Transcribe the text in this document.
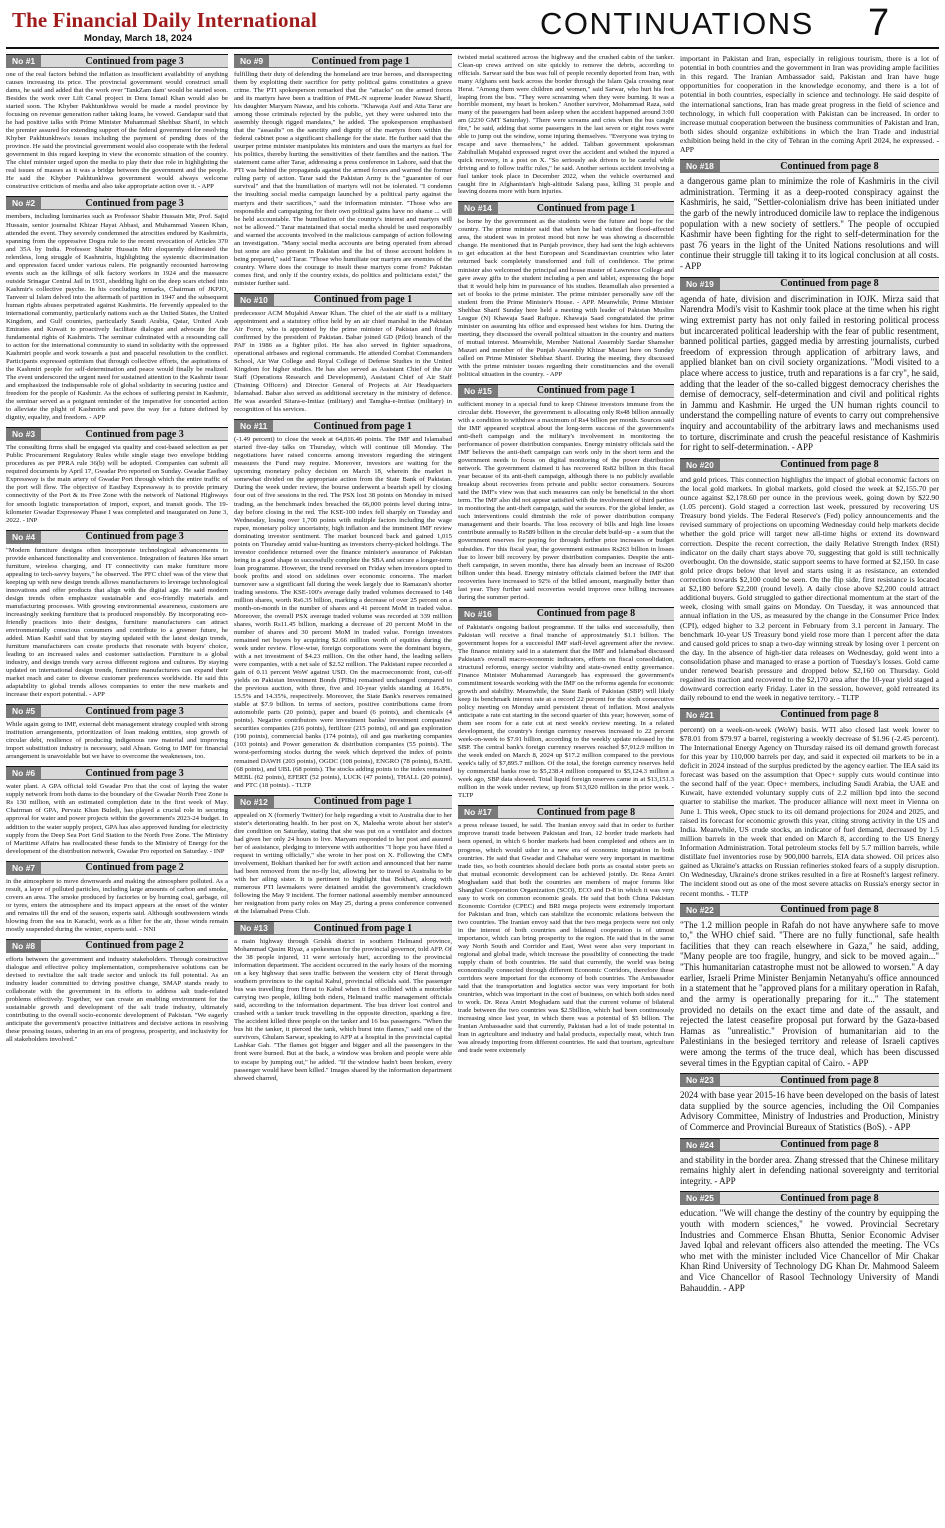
The Financial Daily International
Monday, March 18, 2024	CONTINUATIONS 7
No #1	Continued from page 3
one of the real factors behind the inflation as insufficient availability of anything causes increasing its price. The provincial government would construct small dams, he said and added that the work over 'TankZam dam' would be started soon. Besides the work over Lift Canal project in Dera Ismail Khan would also be started soon. The Khyber Pakhtunkhwa would be made a model province by focusing on revenue generation rather taking loans, he vowed. Gandapur said that he had positive talks with Prime Minister Muhammad Shehbaz Sharif, in which the premier assured for extending support of the federal government for resolving Khyber Pakhtunkhwa's issues including the payment of pending dues of the province. He said the provincial government would also cooperate with the federal government in this regard keeping in view the economic situation of the country. The chief minister urged upon the media to play their due role in highlighting the real issues of masses as it was a bridge between the government and the people. He said the Khyber Pakhtunkhwa government would always welcome constructive criticism of media and also take appropriate action over it. - APP
No #2	Continued from page 3
members, including luminaries such as Professor Shabir Hussain Mir, Prof. Sajid Hussain, senior journalist Khizar Hayat Abbasi, and Muhammad Yaseen Khan, attended the event. They severely condemned the atrocities endured by Kashmiris, spanning from the oppressive Dogra rule to the recent revocation of Articles 370 and 35A by India. Professor Shabir Hussain Mir eloquently delineated the relentless, long struggle of Kashmiris, highlighting the systemic discrimination and oppression faced under various rulers. He poignantly recounted harrowing events such as the killings of silk factory workers in 1924 and the massacre outside Srinagar Central Jail in 1931, shedding light on the deep scars etched into Kashmir's collective psyche. In his concluding remarks, Chairman of JKPJO, Tanveer ul Islam delved into the aftermath of partition in 1947 and the subsequent human rights abuses perpetrated against Kashmiris. He fervently appealed to the international community, particularly nations such as the United States, the United Kingdom, and Gulf countries, particularly Saudi Arabia, Qatar, United Arab Emirates and Kuwait to proactively facilitate dialogue and advocate for the fundamental rights of Kashmiris. The seminar culminated with a resounding call to action for the international community to stand in solidarity with the oppressed Kashmiri people and work towards a just and peaceful resolution to the conflict. Participants expressed optimism that through collective efforts, the aspirations of the Kashmiri people for self-determination and peace would finally be realized. The event underscored the urgent need for sustained attention to the Kashmir issue and emphasized the indispensable role of global solidarity in securing justice and freedom for the people of Kashmir. As the echoes of suffering persist in Kashmir, the seminar served as a poignant reminder of the imperative for concerted action to alleviate the plight of Kashmiris and pave the way for a future defined by dignity, equality, and freedom. - APP
No #3	Continued from page 3
The consulting firms shall be engaged via quality and cost-based selection as per Public Procurement Regulatory Rules while single stage two envelope bidding procedures as per PPRA rule 36(b) will be adopted. Companies can submit all required documents by April 17, Gwadar Pro reported on Sunday. Gwadar Eastbay Expressway is the main artery of Gwadar Port through which the entire traffic of the port will flow. The objective of Eastbay Expressway is to provide primary connectivity of the Port & its Free Zone with the network of National Highways for smooth logistic transportation of import, export, and transit goods. The 19-kilometer Gwadar Expressway Phase I was completed and inaugurated on June 3, 2022. - INP
No #4	Continued from page 3
"Modern furniture designs often incorporate technological advancements to provide enhanced functionality and convenience. Integration of features like smart furniture, wireless charging, and IT connectivity can make furniture more appealing to tech-savvy buyers," he observed. The PFC chief was of the view that keeping up with new design trends allows manufacturers to leverage technological innovations and offer products that align with the digital age. He said modern design trends often emphasize sustainable and eco-friendly materials and manufacturing processes. With growing environmental awareness, customers are increasingly seeking furniture that is produced responsibly. By incorporating eco-friendly practices into their designs, furniture manufacturers can attract environmentally conscious consumers and contribute to a greener future, he added. Mian Kashif said that by staying updated with the latest design trends, furniture manufacturers can create products that resonate with buyers' choice, leading to an increased sales and customer satisfaction. Furniture is a global industry, and design trends vary across different regions and cultures. By staying updated on international design trends, furniture manufacturers can expand their market reach and cater to diverse customer preferences worldwide. He said this adaptability to global trends allows companies to enter the new markets and increase their export potential. - APP
No #5	Continued from page 3
While again going to IMF, external debt management strategy coupled with strong institution arrangements, prioritization of loan making entities, stop growth of circular debt, resilience of producing indigenous raw material and improving import substitution industry is necessary, said Ahsan. Going to IMF for financial arrangement is unavoidable but we have to overcome the weaknesses, too.
No #6	Continued from page 3
water plant. A GPA official told Gwadar Pro that the cost of laying the water supply network from both dams to the boundary of the Gwadar North Free Zone is Rs 130 million, with an estimated completion date in the first week of May. Chairman of GPA, Pervaiz Khan Buledi, has played a crucial role in securing approval for water and power projects within the government's 2023-24 budget. In addition to the water supply project, GPA has also approved funding for electricity supply from the Deep Sea Port Grid Station to the North Free Zone. The Ministry of Maritime Affairs has reallocated these funds to the Ministry of Energy for the development of the distribution network, Gwadar Pro reported on Saturday. - INP
No #7	Continued from page 2
in the atmosphere to move downwards and making the atmosphere polluted. As a result, a layer of polluted particles, including large amounts of carbon and smoke, covers an area. The smoke produced by factories or by burning coal, garbage, oil or tyres, enters the atmosphere and its impact appears at the onset of the winter and remains till the end of the season, experts said. Although southwestern winds blowing from the sea in Karachi, work as a filter for the air, those winds remain mostly suspended during the winter, experts said. - NNI
No #8	Continued from page 2
efforts between the government and industry stakeholders. Through constructive dialogue and effective policy implementation, comprehensive solutions can be devised to revitalize the salt trade sector and unlock its full potential. As an industry leader committed to driving positive change, SMAP stands ready to collaborate with the government in its efforts to address salt trade-related problems effectively. Together, we can create an enabling environment for the sustainable growth and development of the salt trade industry, ultimately contributing to the overall socio-economic development of Pakistan. "We eagerly anticipate the government's proactive initiatives and decisive actions in resolving these pressing issues, ushering in an era of progress, prosperity, and inclusivity for all stakeholders involved."
No #9	Continued from page 1
fulfilling their duty of defending the homeland are true heroes, and disrespecting them by exploiting their sacrifice for petty political gains constitutes a grave crime. The PTI spokesperson remarked that the "attacks" on the armed forces and its martyrs have been a tradition of PML-N supreme leader Nawaz Sharif, his daughter Maryam Nawaz, and his cohorts. "Khawaja Asif and Atta Tarar are among those criminals rejected by the public, yet they were ushered into the assembly through rigged mandates," he added. The spokesperson emphasised that the "assaults" on the sanctity and dignity of the martyrs from within the federal cabinet pose a significant challenge for the state. He further said that the usurper prime minister manipulates his ministers and uses the martyrs as fuel for his politics, thereby hurting the sensitivities of their families and the nation. The statement came after Tarar, addressing a press conference in Lahore, said that the PTI was behind the propaganda against the armed forces and warned the former ruling party of action. Tarar said the Pakistan Army is the "guarantee of our survival" and that the humiliation of martyrs will not be tolerated. "I condemn the insulting social media campaign launched by a political party against the martyrs and their sacrifices," said the information minister. "Those who are responsible and campaigning for their own political gains have no shame ... will be held accountable. The humiliation of the country's interest and martyrs will not be allowed." Tarar maintained that social media should be used responsibly and warned the accounts involved in the malicious campaign of action following an investigation. "Many social media accounts are being operated from abroad but some are also present in Pakistan and the list of those account holders is being prepared," said Tarar. "Those who humiliate our martyrs are enemies of the country. Where does the courage to insult these martyrs come from? Pakistan comes first, and only if the country exists, do politics and politicians exist," the minister further said.
No #10	Continued from page 1
predecessor ACM Mujahid Anwar Khan. The chief of the air staff is a military appointment and a statutory office held by an air chief marshal in the Pakistan Air Force, who is appointed by the prime minister of Pakistan and finally confirmed by the president of Pakistan. Babar joined GD (Pilot) branch of the PAF in 1986 as a fighter pilot. He has also served in fighter squadrons, operational airbases and regional commands. He attended Combat Commanders School, Air War College and Royal College of Defense Studies in the United Kingdom for higher studies. He has also served as Assistant Chief of the Air Staff (Operations Research and Development), Assistant Chief of Air Staff (Training Officers) and Director General of Projects at Air Headquarters Islamabad. Babar also served as additional secretary in the ministry of defence. He was awarded Sitara-e-Imtiaz (military) and Tamgha-e-Imtiaz (military) in recognition of his services.
No #11	Continued from page 1
(-1.49 percent) to close the week at 64,816.46 points. The IMF and Islamabad started five-day talks on Thursday, which will continue till Monday. The negotiations have raised concerns among investors regarding the stringent measures the Fund may require. Moreover, investors are waiting for the upcoming monetary policy decision on March 18, wherein the market is somewhat divided on the appropriate action from the State Bank of Pakistan. During the week under review, the bourse underwent a bearish spell by closing four out of five sessions in the red. The PSX lost 38 points on Monday in mixed trading, as the benchmark index breached the 66,000 points level during intra-day before closing in the red. The KSE-100 index fell sharply on Tuesday and Wednesday, losing over 1,700 points with multiple factors including the wage rupee, monetary policy uncertainty, high inflation and the imminent IMF review dominating investor sentiment. The market bounced back and gained 1,015 points on Thursday amid value-hunting as investors cherry-picked holdings. The investor confidence returned over the finance minister's assurance of Pakistan being in a good shape to successfully complete the SBA and secure a longer-term loan programme. However, the trend reversed on Friday when investors opted to book profits and stood on sidelines over economic concerns. The market turnover saw a significant fall during the week largely due to Ramazan's shorter trading sessions. The KSE-100's average daily traded volumes decreased to 148 million shares, worth Rs6.35 billion, marking a decrease of over 25 percent on a month-on-month in the number of shares and 41 percent MoM in traded value. Moreover, the overall PSX average traded volume was recorded at 339 million shares, worth Rs11.45 billion, marking a decrease of 20 percent MoM in the number of shares and 30 percent MoM in traded value. Foreign investors remained net buyers by acquiring $2.66 million worth of equities during the week under review. Flow-wise, foreign corporations were the dominant buyers, with a net investment of $4.23 million. On the other hand, the leading sellers were companies, with a net sale of $2.52 million. The Pakistani rupee recorded a gain of 0.11 percent WoW against USD. On the macroeconomic front, cut-off yields on Pakistan Investment Bonds (PIBs) remained unchanged compared to the previous auction, with three, five and 10-year yields standing at 16.8%, 15.5% and 14.35%, respectively. Moreover, the State Bank's reserves remained stable at $7.9 billion. In terms of sectors, positive contributions came from automobile parts (20 points), paper and board (6 points), and chemicals (4 points). Negative contributors were investment banks/ investment companies/ securities companies (216 points), fertilizer (215 points), oil and gas exploration (190 points), commercial banks (174 points), oil and gas marketing companies (103 points) and Power generation & distribution companies (55 points). The worst-performing stocks during the week which deprived the index of points remained DAWH (203 points), OGDC (108 points), ENGRO (78 points), BAHL (68 points), and UBL (68 points). The stocks adding points to the index remained MEBL (62 points), EFERT (52 points), LUCK (47 points), THALL (20 points), and PTC (18 points). - TLTP
No #12	Continued from page 1
appealed on X (formerly Twitter) for help regarding a visit to Australia due to her sister's deteriorating health. In her post on X, Maleeha wrote about her sister's dire condition on Saturday, stating that she was put on a ventilator and doctors had given her only 24 hours to live. Maryam responded to her post and assured her of assistance, pledging to intervene with authorities "I hope you have filed a request in writing officially," she wrote in her post on X. Following the CM's involvement, Bokhari thanked her for swift action and announced that her name had been removed from the no-fly list, allowing her to travel to Australia to be with her ailing sister. It is pertinent to highlight that Bokhari, along with numerous PTI lawmakers were detained amidst the government's crackdown following the May 9 incident. The former national assembly member announced her resignation from party roles on May 25, during a press conference convened at the Islamabad Press Club.
No #13	Continued from page 1
a main highway through Grishk district in southern Helmand province, Mohammad Qasim Riyaz, a spokesman for the provincial governor, told AFP. Of the 38 people injured, 11 were seriously hurt, according to the provincial information department. The accident occurred in the early hours of the morning on a key highway that sees traffic between the western city of Herat through southern provinces to the capital Kabul, provincial officials said. The passenger bus was travelling from Herat to Kabul when it first collided with a motorbike carrying two people, killing both riders, Helmand traffic management officials said, according to the information department. The bus driver lost control and crashed with a tanker truck travelling in the opposite direction, sparking a fire. The accident killed three people on the tanker and 16 bus passengers. "When the bus hit the tanker, it pierced the tank, which burst into flames," said one of the survivors, Ghulam Sarwar, speaking to AFP at a hospital in the provincial capital Lashkar Gah. "The flames got bigger and bigger and all the passengers in the front were burned. But at the back, a window was broken and people were able to escape by jumping out," he added. "If the window hadn't been broken, every passenger would have been killed." Images shared by the information department showed charred,
twisted metal scattered across the highway and the crushed cabin of the tanker. Clean-up crews arrived on site quickly to remove the debris, according to officials. Sarwar said the bus was full of people recently deported from Iran, with many Afghans sent back across the border through the Islam Qala crossing near Herat. "Among them were children and women," said Sarwar, who hurt his foot leaping from the bus. "They were screaming when they were burning. It was a horrible moment, my heart is broken." Another survivor, Mohammad Raza, said many of the passengers had been asleep when the accident happened around 3:00 am (2230 GMT Saturday). "There were screams and cries when the bus caught fire," he said, adding that some passengers in the last seven or eight rows were able to jump out the window, some injuring themselves. "Everyone was trying to escape and save themselves," he added. Taliban government spokesman Zabihullah Mujahid expressed regret over the accident and wished the injured a quick recovery, in a post on X. "So seriously ask drivers to be careful while driving and to follow traffic rules," he said. Another serious accident involving a fuel tanker took place in December 2022, when the vehicle overturned and caught fire in Afghanistan's high-altitude Salang pass, killing 31 people and leaving dozens more with burn injuries.
No #14	Continued from page 1
be borne by the government as the students were the future and hope for the country. The prime minister said that when he had visited the flood-affected area, the student was in protest mood but now he was showing a discernible change. He mentioned that in Punjab province, they had sent the high achievers to get education at the best European and Scandinavian countries who later returned back completely transformed and full of confidence. The prime minister also welcomed the principal and house master of Lawrence College and gave away gifts to the student including a pen and tablet, expressing the hope that it would help him in pursuance of his studies. Ikramullah also presented a set of books to the prime minister. The prime minister personally saw off the student from the Prime Minister's House. - APP. Meanwhile, Prime Minister Shehbaz Sharif Sunday here held a meeting with leader of Pakistan Muslim League (N) Khawaja Saad Rafique. Khawaja Saad congratulated the prime minister on assuming his office and expressed best wishes for him. During the meeting, they discussed the overall political situation in the country and matters of mutual interest. Meanwhile, Member National Assembly Sardar Shamsher Mazari and member of the Punjab Assembly Khizar Mazari here on Sunday called on Prime Minister Shehbaz Sharif. During the meeting, they discussed with the prime minister issues regarding their constituencies and the overall political situation in the country. - APP
No #15	Continued from page 1
sufficient money in a special fund to keep Chinese investors immune from the circular debt. However, the government is allocating only Rs48 billion annually with a condition to withdraw a maximum of Rs4 billion per month. Sources said the IMF appeared sceptical about the long-term success of the government's anti-theft campaign and the military's involvement in monitoring the performance of power distribution companies. Energy ministry officials said the IMF believes the anti-theft campaign can work only in the short term and the government needs to focus on digital monitoring of the power distribution network. The government claimed it has recovered Rs82 billion in this fiscal year because of its anti-theft campaign, although there is no publicly available breakup about recoveries from private and public sector consumers. Sources said the IMF's view was that such measures can only be beneficial in the short term. The IMF also did not appear satisfied with the involvement of third parties in monitoring the anti-theft campaign, said the sources. For the global lender, as such interventions could diminish the role of power distribution company management and their boards. The loss recovery of bills and high line losses contribute annually to Rs589 billion in the circular debt build-up - a sum that the government reserves for paying for through further price increases or budget subsidies. For this fiscal year, the government estimates Rs263 billion in losses due to lower bill recovery by power distribution companies. Despite the anti-theft campaign, in seven months, there has already been an increase of Rs200 billion under this head. Energy ministry officials claimed before the IMF that recoveries have increased to 92% of the billed amount, marginally better than last year. They further said recoveries would improve once billing increases during the summer period.
No #16	Continued from page 8
of Pakistan's ongoing bailout programme. If the talks end successfully, then Pakistan will receive a final tranche of approximately $1.1 billion. The government hopes for a successful IMF staff-level agreement after the review. The finance ministry said in a statement that the IMF and Islamabad discussed Pakistan's overall macro-economic indicators, efforts on fiscal consolidation, structural reforms, energy sector viability and state-owned entity governance. Finance Minister Muhammad Aurangzeb has expressed the government's commitment towards working with the IMF on the reforms agenda for economic growth and stability. Meanwhile, the State Bank of Pakistan (SBP) will likely keep its benchmark interest rate at a record 22 percent for the sixth consecutive policy meeting on Monday amid persistent threat of inflation. Most analysts anticipate a rate cut starting in the second quarter of this year; however, some of them see room for a rate cut at next week's review meeting. In a related development, the country's foreign currency reserves increased to 22 percent week-on-week to $7.91 billion, according to the weekly update released by the SBP. The central bank's foreign currency reserves reached $7,912.9 million in the week ended on March 8, 2024 up $17.2 million compared to the previous week's tally of $7,895.7 million. Of the total, the foreign currency reserves held by commercial banks rose to $5,238.4 million compared to $5,124.3 million a week ago, SBP data showed. Total liquid foreign reserves came in at $13,151.3 million in the week under review, up from $13,020 million in the prior week. - TLTP
No #17	Continued from page 8
a press release issued, he said. The Iranian envoy said that in order to further improve transit trade between Pakistan and Iran, 12 border trade markets had been opened, in which 6 border markets had been completed and others are in progress, which would usher in a new era of economic integration in both countries. He said that Gwadar and Chabahar were very important in maritime trade ties, so both countries should declare both ports as coastal sister ports so that mutual economic development can be achieved jointly. Dr. Reza Amiri Moghadam said that both the countries are members of major forums like Shanghai Cooperation Organization (SCO), ECO and D-8 in which it was very easy to work on common economic goals. He said that both China Pakistan Economic Corridor (CPEC) and BRI mega projects were extremely important for Pakistan and Iran, which can stabilize the economic relations between the two countries. The Iranian envoy said that the two mega projects were not only in the interest of both countries and bilateral cooperation is of utmost importance, which can bring prosperity to the region. He said that in the same way North South and Corridor and East, West were also very important in regional and global trade, which increase the possibility of connecting the trade supply chain of both countries. He said that currently, the world was being economically connected through different Economic Corridors, therefore these corridors were important for the economy of both countries. The Ambassador said that the transportation and logistics sector was very important for both countries, which was important in the cost of business, on which both sides need to work. Dr. Reza Amiri Moghadam said that the current volume of bilateral trade between the two countries was $2.5billion, which had been continuously increasing since last year, in which there was a potential of $5 billion. The Iranian Ambassador said that currently, Pakistan had a lot of trade potential in Iran in agriculture and industry and halal products, especially meat, which Iran was already importing from different countries. He said that tourism, agriculture and trade were extremely
important in Pakistan and Iran, especially in religious tourism, there is a lot of potential in both countries and the government in Iran was providing ample facilities in this regard. The Iranian Ambassador said, Pakistan and Iran have huge opportunities for cooperation in the knowledge economy, and there is a lot of potential in both countries, especially in science and technology. He said despite of the international sanctions, Iran has made great progress in the field of science and technology, in which full cooperation with Pakistan can be increased. In order to increase mutual cooperation between the business communities of Pakistan and Iran, both sides should organize exhibitions in which the Iran Trade and industrial exhibition being held in the city of Tehran in the coming April 2024, he expressed. - APP
No #18	Continued from page 8
a dangerous game plan to minimize the role of Kashmiris in the civil administration. Terming it as a deep-rooted conspiracy against the Kashmiris, he said, "Settler-colonialism drive has been initiated under the garb of the newly introduced domicile law to replace the indigenous population with a new society of settlers." The people of occupied Kashmir have been fighting for the right to self-determination for the past 76 years in the light of the United Nations resolutions and will continue their struggle till taking it to its logical conclusion at all costs. - APP
No #19	Continued from page 8
agenda of hate, division and discrimination in IOJK. Mirza said that Narendra Modi's visit to Kashmir took place at the time when his right wing extremist party has not only failed in restoring political process but incarcerated political leadership with the fear of public resentment, banned political parties, gagged media by arresting journalists, curbed freedom of expression through application of arbitrary laws, and applied blanket ban on civil society organizations. "Modi visited to a place where access to justice, truth and reparations is a far cry", he said, adding that the leader of the so-called biggest democracy cherishes the demise of democracy, self-determination and civil and political rights in Jammu and Kashmir. He urged the UN human rights council to understand the compelling nature of events to carry out comprehensive inquiry and accountability of the arbitrary laws and mechanisms used to torture, discriminate and crush the peaceful resistance of Kashmiris for right to self-determination. - APP
No #20	Continued from page 8
and gold prices. This connection highlights the impact of global economic factors on the local gold markets. In global markets, gold closed the week at $2,155.70 per ounce against $2,178.60 per ounce in the previous week, going down by $22.90 (1.05 percent). Gold staged a correction last week, pressured by recovering US Treasury bond yields. The Federal Reserve's (Fed) policy announcements and the revised summary of projections on upcoming Wednesday could help markets decide whether the gold price will target new all-time highs or extend its downward correction. Despite the recent correction, the daily Relative Strength Index (RSI) indicator on the daily chart stays above 70, suggesting that gold is still technically overbought. On the downside, static support seems to have formed at $2,150. In case gold price drops below that level and starts using it as resistance, an extended correction towards $2,100 could be seen. On the flip side, first resistance is located at $2,180 before $2,200 (round level). A daily close above $2,200 could attract additional buyers. Gold struggled to gather directional momentum at the start of the week, closing with small gains on Monday. On Tuesday, it was announced that annual inflation in the US, as measured by the change in the Consumer Price Index (CPI), edged higher to 3.2 percent in February from 3.1 percent in January. The benchmark 10-year US Treasury bond yield rose more than 1 percent after the data and caused gold prices to snap a two-day winning streak by losing over 1 percent on the day. In the absence of high-tier data releases on Wednesday, gold went into a consolidation phase and managed to erase a portion of Tuesday's losses. Gold came under renewed bearish pressure and dropped below $2,160 on Thursday. Gold regained its traction and recovered to the $2,170 area after the 10-year yield staged a downward correction early Friday. Later in the session, however, gold retreated its daily rebound to end the week in negative territory. - TLTP
No #21	Continued from page 8
percent) on a week-on-week (WoW) basis. WTI also closed last week lower to $78.01 from $79.97 a barrel, registering a weekly decrease of $1.96 (-2.45 percent). The International Energy Agency on Thursday raised its oil demand growth forecast for this year by 110,000 barrels per day, and said it expected oil markets to be in a deficit in 2024 instead of the surplus predicted by the agency earlier. The IEA said its forecast was based on the assumption that Opec+ supply cuts would continue into the second half of the year. Opec+ members, including Saudi Arabia, the UAE and Kuwait, have extended voluntary supply cuts of 2.2 million bpd into the second quarter to stabilise the market. The producer alliance will next meet in Vienna on June 1. This week, Opec stuck to its oil demand projections for 2024 and 2025, and raised its forecast for economic growth this year, citing strong activity in the US and India. Meanwhile, US crude stocks, an indicator of fuel demand, decreased by 1.5 million barrels in the week that ended on March 8, according to the US Energy Information Administration. Total petroleum stocks fell by 5.7 million barrels, while distillate fuel inventories rose by 900,000 barrels, EIA data showed. Oil prices also gained as Ukraine's attacks on Russian refineries stoked fears of a supply disruption. On Wednesday, Ukraine's drone strikes resulted in a fire at Rosneft's largest refinery. The incident stood out as one of the most severe attacks on Russia's energy sector in recent months. - TLTP
No #22	Continued from page 8
"The 1.2 million people in Rafah do not have anywhere safe to move to," the WHO chief said. "There are no fully functional, safe health facilities that they can reach elsewhere in Gaza," he said, adding, "Many people are too fragile, hungry, and sick to be moved again..." "This humanitarian catastrophe must not be allowed to worsen." A day earlier, Israeli Prime Minister Benjamin Netanyahu's office announced in a statement that he "approved plans for a military operation in Rafah, and the army is operationally preparing for it..." The statement provided no details on the exact time and date of the assault, and rejected the latest ceasefire proposal put forward by the Gaza-based Hamas as "unrealistic." Provision of humanitarian aid to the Palestinians in the besieged territory and release of Israeli captives were among the terms of the truce deal, which has been discussed several times in the Egyptian capital of Cairo. - APP
No #23	Continued from page 8
2024 with base year 2015-16 have been developed on the basis of latest data supplied by the source agencies, including the Oil Companies Advisory Committee, Ministry of Industries and Production, Ministry of Commerce and Provincial Bureaux of Statistics (BoS). - APP
No #24	Continued from page 8
and stability in the border area. Zhang stressed that the Chinese military remains highly alert in defending national sovereignty and territorial integrity. - APP
No #25	Continued from page 8
education. "We will change the destiny of the country by equipping the youth with modern sciences," he vowed. Provincial Secretary Industries and Commerce Ehsan Bhutta, Senior Economic Adviser Javed Iqbal and relevant officers also attended the meeting. The VCs who met with the minister included Vice Chancellor of Mir Chakar Khan Rind University of Technology DG Khan Dr. Mahmood Saleem and Vice Chancellor of Rasool Technology University of Mandi Bahauddin. - APP
